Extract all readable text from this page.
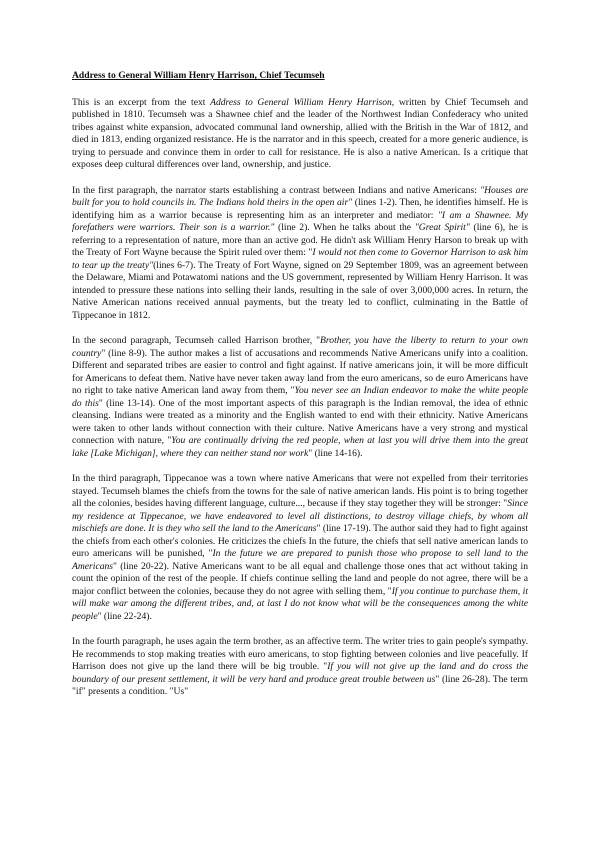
Address to General William Henry Harrison, Chief Tecumseh

This is an excerpt from the text Address to General William Henry Harrison, written by Chief Tecumseh and published in 1810. Tecumseh was a Shawnee chief and the leader of the Northwest Indian Confederacy who united tribes against white expansion, advocated communal land ownership, allied with the British in the War of 1812, and died in 1813, ending organized resistance. He is the narrator and in this speech, created for a more generic audience, is trying to persuade and convince them in order to call for resistance. He is also a native American. Is a critique that exposes deep cultural differences over land, ownership, and justice.

In the first paragraph, the narrator starts establishing a contrast between Indians and native Americans: "Houses are built for you to hold councils in. The Indians hold theirs in the open air" (lines 1-2). Then, he identifies himself. He is identifying him as a warrior because is representing him as an interpreter and mediator: "I am a Shawnee. My forefathers were warriors. Their son is a warrior." (line 2). When he talks about the "Great Spirit" (line 6), he is referring to a representation of nature, more than an active god. He didn't ask William Henry Harson to break up with the Treaty of Fort Wayne because the Spirit ruled over them: "I would not then come to Governor Harrison to ask him to tear up the treaty"(lines 6-7). The Treaty of Fort Wayne, signed on 29 September 1809, was an agreement between the Delaware, Miami and Potawatomi nations and the US government, represented by William Henry Harrison. It was intended to pressure these nations into selling their lands, resulting in the sale of over 3,000,000 acres. In return, the Native American nations received annual payments, but the treaty led to conflict, culminating in the Battle of Tippecanoe in 1812.

In the second paragraph, Tecumseh called Harrison brother, "Brother, you have the liberty to return to your own country" (line 8-9). The author makes a list of accusations and recommends Native Americans unify into a coalition. Different and separated tribes are easier to control and fight against. If native americans join, it will be more difficult for Americans to defeat them. Native have never taken away land from the euro americans, so de euro Americans have no right to take native American land away from them, "You never see an Indian endeavor to make the white people do this" (line 13-14). One of the most important aspects of this paragraph is the Indian removal, the idea of ethnic cleansing. Indians were treated as a minority and the English wanted to end with their ethnicity. Native Americans were taken to other lands without connection with their culture. Native Americans have a very strong and mystical connection with nature, "You are continually driving the red people, when at last you will drive them into the great lake [Lake Michigan], where they can neither stand nor work" (line 14-16).

In the third paragraph, Tippecanoe was a town where native Americans that were not expelled from their territories stayed. Tecumseh blames the chiefs from the towns for the sale of native american lands. His point is to bring together all the colonies, besides having different language, culture..., because if they stay together they will be stronger: "Since my residence at Tippecanoe, we have endeavored to level all distinctions, to destroy village chiefs, by whom all mischiefs are done. It is they who sell the land to the Americans" (line 17-19). The author said they had to fight against the chiefs from each other's colonies. He criticizes the chiefs In the future, the chiefs that sell native american lands to euro americans will be punished, "In the future we are prepared to punish those who propose to sell land to the Americans" (line 20-22). Native Americans want to be all equal and challenge those ones that act without taking in count the opinion of the rest of the people. If chiefs continue selling the land and people do not agree, there will be a major conflict between the colonies, because they do not agree with selling them, "If you continue to purchase them, it will make war among the different tribes, and, at last I do not know what will be the consequences among the white people" (line 22-24).

In the fourth paragraph, he uses again the term brother, as an affective term. The writer tries to gain people's sympathy. He recommends to stop making treaties with euro americans, to stop fighting between colonies and live peacefully. If Harrison does not give up the land there will be big trouble. "If you will not give up the land and do cross the boundary of our present settlement, it will be very hard and produce great trouble between us" (line 26-28). The term "if" presents a condition. "Us"
